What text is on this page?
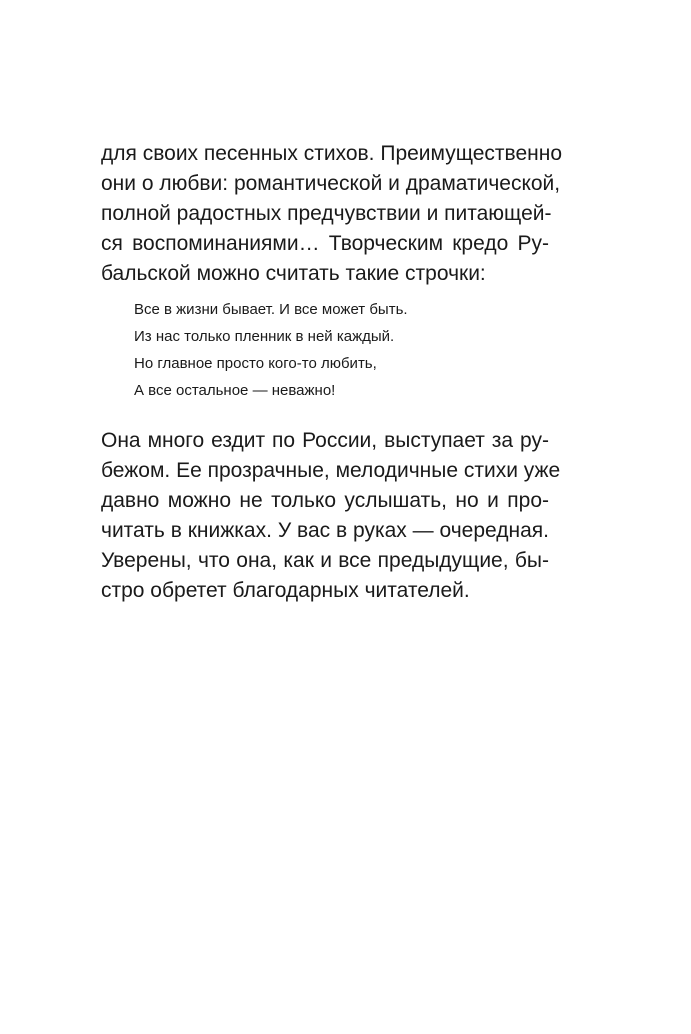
для своих песенных стихов. Преимущественно
они о любви: романтической и драматической,
полной радостных предчувствии и питающей-
ся воспоминаниями… Творческим кредо Ру-
бальской можно считать такие строчки:
Все в жизни бывает. И все может быть.
Из нас только пленник в ней каждый.
Но главное просто кого-то любить,
А все остальное — неважно!
Она много ездит по России, выступает за ру-
бежом. Ее прозрачные, мелодичные стихи уже
давно можно не только услышать, но и про-
читать в книжках. У вас в руках — очередная.
Уверены, что она, как и все предыдущие, бы-
стро обретет благодарных читателей.
